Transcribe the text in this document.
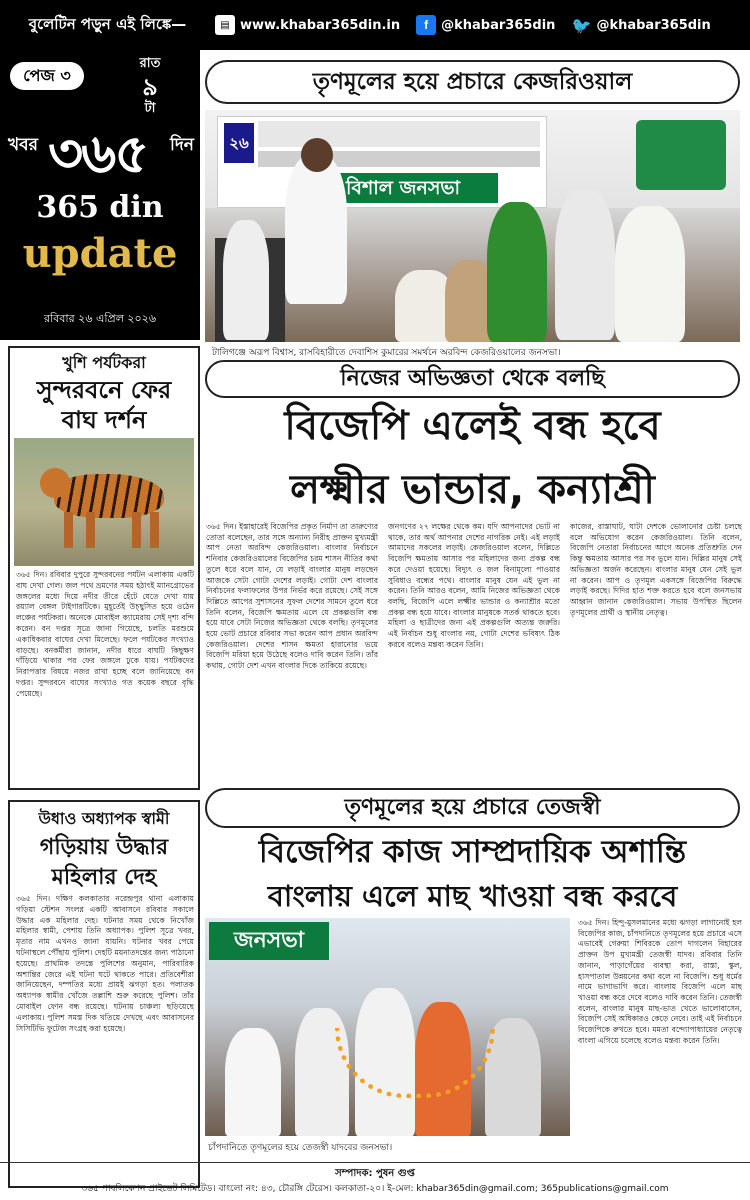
বুলেটিন পড়ুন এই লিঙ্কে—	▤ www.khabar365din.in	f	@khabar365din 🐦 @khabar365din
পেজ ৩
রাত
৯
টা
খবর ৩৬৫ দিন
365 din
update
রবিবার ২৬ এপ্রিল ২০২৬
তৃণমূলের হয়ে প্রচারে কেজরিওয়াল
২৬
বিশাল জনসভা
টালিগঞ্জে অরূপ বিশ্বাস, রাসবিহারীতে দেবাশিস কুমারের সমর্থনে অরবিন্দ কেজরিওয়ালের জনসভা।
নিজের অভিজ্ঞতা থেকে বলছি
বিজেপি এলেই বন্ধ হবে
লক্ষ্মীর ভান্ডার, কন্যাশ্রী
৩৬৫ দিন। ইস্তাহারেই বিজেপির প্রকৃত নির্মাণ তা তারুণ্যের তোতা বলেছেন, তার সঙ্গে অন্যান্য নিরীহ প্রাক্তন মুখ্যমন্ত্রী আপ নেতা অরবিন্দ কেজরিওয়াল। বাংলার নির্বাচনে শনিবার কেজরিওয়ালের বিজেপির চরম শাসন নীতির কথা তুলে ধরে বলে যান, যে লড়াই বাংলার মানুষ লড়ছেন আজকে সেটা গোটা দেশের লড়াই। গোটা দেশ বাংলার নির্বাচনের ফলাফলের উপর নির্ভর করে রয়েছে। সেই সঙ্গে দিল্লিতে আপের সুশাসনের সুফল দেশের সামনে তুলে ধরে তিনি বলেন, বিজেপি ক্ষমতায় এলে যে প্রকল্পগুলি বন্ধ হয়ে যাবে সেটা নিজের অভিজ্ঞতা থেকে বলছি। তৃণমূলের হয়ে ভোট প্রচারে রবিবার সভা করেন আপ প্রধান অরবিন্দ কেজরিওয়াল। দেশের শাসন ক্ষমতা হারানোর ভয়ে বিজেপি মরিয়া হয়ে উঠেছে বলেও দাবি করেন তিনি। তাঁর কথায়, গোটা দেশ এখন বাংলার দিকে তাকিয়ে রয়েছে।
জনগণের ২৭ লক্ষের থেকে কম। যদি আপনাদের ভোট না থাকে, তার অর্থ আপনার দেশের নাগরিক নেই। এই লড়াই আমাদের সকলের লড়াই। কেজরিওয়াল বলেন, দিল্লিতে বিজেপি ক্ষমতায় আসার পর মহিলাদের জন্য প্রকল্প বন্ধ করে দেওয়া হয়েছে। বিদ্যুৎ ও জল বিনামূল্যে পাওয়ার সুবিধাও বন্ধের পথে। বাংলার মানুষ যেন এই ভুল না করেন। তিনি আরও বলেন, আমি নিজের অভিজ্ঞতা থেকে বলছি, বিজেপি এলে লক্ষ্মীর ভান্ডার ও কন্যাশ্রীর মতো প্রকল্প বন্ধ হয়ে যাবে। বাংলার মানুষকে সতর্ক থাকতে হবে। মহিলা ও ছাত্রীদের জন্য এই প্রকল্পগুলি অত্যন্ত জরুরি। এই নির্বাচন শুধু বাংলার নয়, গোটা দেশের ভবিষ্যৎ ঠিক করবে বলেও মন্তব্য করেন তিনি।
কাজের, রাস্তাঘাট, ঘাটা দেশকে ভোলানোর চেষ্টা চলছে বলে অভিযোগ করেন কেজরিওয়াল। তিনি বলেন, বিজেপি নেতারা নির্বাচনের আগে অনেক প্রতিশ্রুতি দেন কিন্তু ক্ষমতায় আসার পর সব ভুলে যান। দিল্লির মানুষ সেই অভিজ্ঞতা অর্জন করেছেন। বাংলার মানুষ যেন সেই ভুল না করেন। আপ ও তৃণমূল একসঙ্গে বিজেপির বিরুদ্ধে লড়াই করছে। দিদির হাত শক্ত করতে হবে বলে জনসভায় আহ্বান জানান কেজরিওয়াল। সভায় উপস্থিত ছিলেন তৃণমূলের প্রার্থী ও স্থানীয় নেতৃত্ব।
খুশি পর্যটকরা
সুন্দরবনে ফের
বাঘ দর্শন
৩৬৫ দিন। রবিবার দুপুরে সুন্দরবনের পর্যটন এলাকায় একটি বাঘ দেখা গেল। জল পথে ভ্রমণের সময় হঠাৎই ম্যানগ্রোভের জঙ্গলের মধ্যে দিয়ে নদীর তীরে হেঁটে যেতে দেখা যায় রয়্যাল বেঙ্গল টাইগারটিকে। মুহূর্তেই উচ্ছ্বসিত হয়ে ওঠেন লঞ্চের পর্যটকরা। অনেকে মোবাইল ক্যামেরায় সেই দৃশ্য বন্দি করেন। বন দপ্তর সূত্রে জানা গিয়েছে, চলতি মরশুমে একাধিকবার বাঘের দেখা মিলেছে। ফলে পর্যটকের সংখ্যাও বাড়ছে। বনকর্মীরা জানান, নদীর ধারে বাঘটি কিছুক্ষণ দাঁড়িয়ে থাকার পর ফের জঙ্গলে ঢুকে যায়। পর্যটকদের নিরাপত্তার বিষয়ে নজর রাখা হচ্ছে বলে জানিয়েছে বন দপ্তর। সুন্দরবনে বাঘের সংখ্যাও গত কয়েক বছরে বৃদ্ধি পেয়েছে।
উধাও অধ্যাপক স্বামী
গড়িয়ায় উদ্ধার
মহিলার দেহ
৩৬৫ দিন। দক্ষিণ কলকাতার নরেন্দ্রপুর থানা এলাকায় গড়িয়া স্টেশন সংলগ্ন একটি আবাসনে রবিবার সকালে উদ্ধার এক মহিলার দেহ। ঘটনার সময় থেকে নিখোঁজ মহিলার স্বামী, পেশায় তিনি অধ্যাপক। পুলিশ সূত্রে খবর, মৃতার নাম এখনও জানা যায়নি। ঘটনার খবর পেয়ে ঘটনাস্থলে পৌঁছায় পুলিশ। দেহটি ময়নাতদন্তের জন্য পাঠানো হয়েছে। প্রাথমিক তদন্তে পুলিশের অনুমান, পারিবারিক অশান্তির জেরে এই ঘটনা ঘটে থাকতে পারে। প্রতিবেশীরা জানিয়েছেন, দম্পতির মধ্যে প্রায়ই ঝগড়া হত। পলাতক অধ্যাপক স্বামীর খোঁজে তল্লাশি শুরু করেছে পুলিশ। তাঁর মোবাইল ফোন বন্ধ রয়েছে। ঘটনায় চাঞ্চল্য ছড়িয়েছে এলাকায়। পুলিশ সমস্ত দিক খতিয়ে দেখছে এবং আবাসনের সিসিটিভি ফুটেজ সংগ্রহ করা হয়েছে।
তৃণমূলের হয়ে প্রচারে তেজস্বী
বিজেপির কাজ সাম্প্রদায়িক অশান্তি
বাংলায় এলে মাছ খাওয়া বন্ধ করবে
জনসভা
চাঁপদানিতে তৃণমূলের হয়ে তেজস্বী যাদবের জনসভা।
৩৬৫ দিন। হিন্দু-মুসলমানের মধ্যে ঝগড়া লাগানোই হল বিজেপির কাজ, চাঁপদানিতে তৃণমূলের হয়ে প্রচারে এসে এভাবেই গেরুয়া শিবিরকে তোপ দাগলেন বিহারের প্রাক্তন উপ মুখ্যমন্ত্রী তেজস্বী যাদব। রবিবার তিনি জানান, পাড়াগেঁয়ের ব্যবস্থা করা, রাস্তা, স্কুল, হাসপাতাল উন্নয়নের কথা বলে না বিজেপি। শুধু ধর্মের নামে ভাগাভাগি করে। বাংলায় বিজেপি এলে মাছ খাওয়া বন্ধ করে দেবে বলেও দাবি করেন তিনি। তেজস্বী বলেন, বাংলার মানুষ মাছ-ভাত খেতে ভালোবাসেন, বিজেপি সেই অধিকারও কেড়ে নেবে। তাই এই নির্বাচনে বিজেপিকে রুখতে হবে। মমতা বন্দ্যোপাধ্যায়ের নেতৃত্বে বাংলা এগিয়ে চলেছে বলেও মন্তব্য করেন তিনি।
সম্পাদক: পুষন গুপ্ত
৩৬৫ পাবলিকেশন প্রাইভেট লিমিটেড। বাংলো নং: ৪৩, চৌরঙ্গি টেরেস। কলকাতা-২০। ই-মেল: khabar365din@gmail.com; 365publications@gmail.com
